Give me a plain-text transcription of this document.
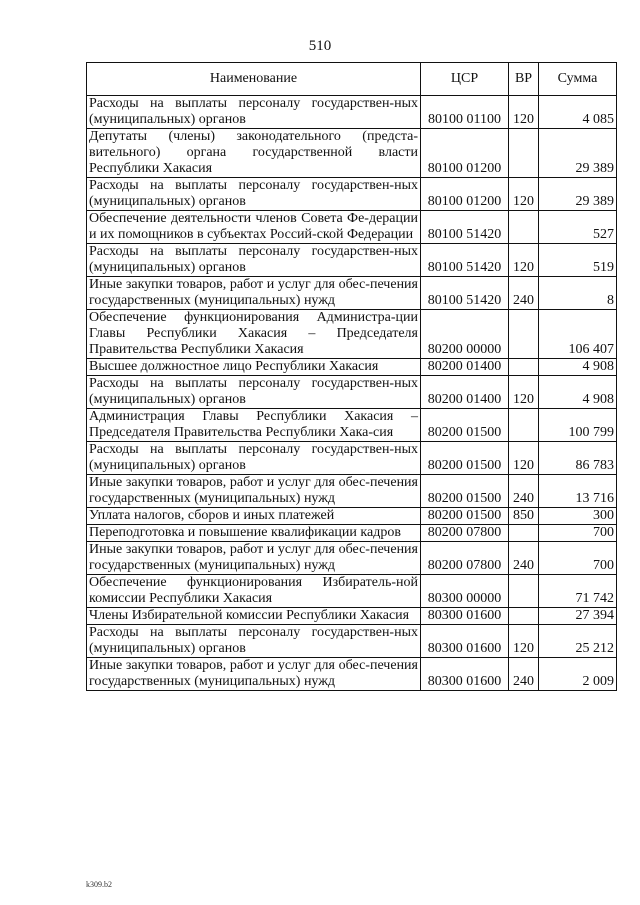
510
Наименование	ЦСР	ВР	Сумма
Расходы на выплаты персоналу государствен-ных (муниципальных) органов	80100 01100	120	4 085
Депутаты (члены) законодательного (предста-вительного) органа государственной власти Республики Хакасия	80100 01200		29 389
Расходы на выплаты персоналу государствен-ных (муниципальных) органов	80100 01200	120	29 389
Обеспечение деятельности членов Совета Фе-дерации и их помощников в субъектах Россий-ской Федерации	80100 51420		527
Расходы на выплаты персоналу государствен-ных (муниципальных) органов	80100 51420	120	519
Иные закупки товаров, работ и услуг для обес-печения государственных (муниципальных) нужд	80100 51420	240	8
Обеспечение функционирования Администра-ции Главы Республики Хакасия – Председателя Правительства Республики Хакасия	80200 00000		106 407
Высшее должностное лицо Республики Хакасия	80200 01400		4 908
Расходы на выплаты персоналу государствен-ных (муниципальных) органов	80200 01400	120	4 908
Администрация Главы Республики Хакасия – Председателя Правительства Республики Хака-сия	80200 01500		100 799
Расходы на выплаты персоналу государствен-ных (муниципальных) органов	80200 01500	120	86 783
Иные закупки товаров, работ и услуг для обес-печения государственных (муниципальных) нужд	80200 01500	240	13 716
Уплата налогов, сборов и иных платежей	80200 01500	850	300
Переподготовка и повышение квалификации кадров	80200 07800		700
Иные закупки товаров, работ и услуг для обес-печения государственных (муниципальных) нужд	80200 07800	240	700
Обеспечение функционирования Избиратель-ной комиссии Республики Хакасия	80300 00000		71 742
Члены Избирательной комиссии Республики Хакасия	80300 01600		27 394
Расходы на выплаты персоналу государствен-ных (муниципальных) органов	80300 01600	120	25 212
Иные закупки товаров, работ и услуг для обес-печения государственных (муниципальных) нужд	80300 01600	240	2 009
k309.b2
